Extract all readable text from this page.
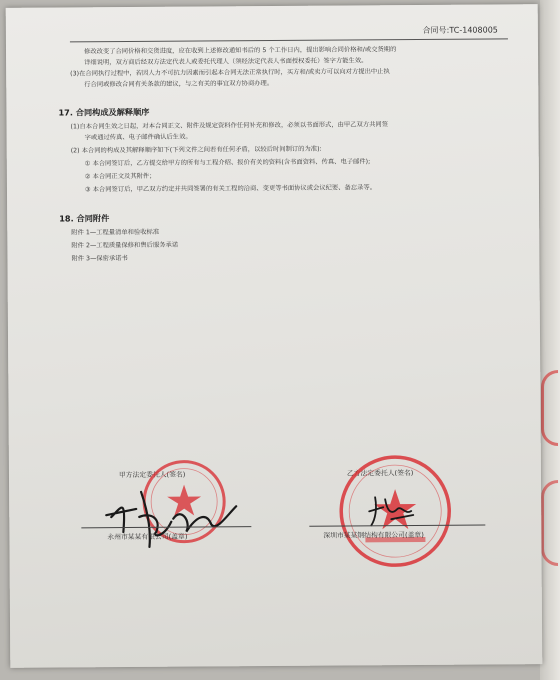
合同号:TC-1408005
修改改变了合同价格和交货进度，应在收到上述修改通知书后的 5 个工作日内，提出影响合同价格和/或交货期的
详细说明，双方商后经双方法定代表人或委托代理人（须经法定代表人书面授权委托）签字方能生效。
(3)在合同执行过程中，若因人力不可抗力因素而引起本合同无法正常执行时，买方和/或卖方可以向对方提出中止执
行合同或修改合同有关条款的建议，与之有关的事宜双方协商办理。
17. 合同构成及解释顺序
(1)自本合同生效之日起，对本合同正文、附件及规定资料作任何补充和修改，必须以书面形式，由甲乙双方共同签
字或通过传真、电子邮件确认后生效。
(2) 本合同的构成及其解释顺序如下(下列文件之间若有任何矛盾，以较后时间制订的为准):
① 本合同签订后，乙方提交给甲方的所有与工程介绍、报价有关的资料(含书面资料、传真、电子邮件);
② 本合同正文及其附件；
③ 本合同签订后，甲乙双方约定并共同签署的有关工程的洽商、变更等书面协议或会议纪要、备忘录等。
18. 合同附件
附件 1—工程量清单和验收标准
附件 2—工程质量保修和售后服务承诺
附件 3—保密承诺书
甲方法定委托人(签名)
永州市某某有限公司(盖章)
乙方法定委托人(签名)
深圳市某某钢结构有限公司(盖章)
